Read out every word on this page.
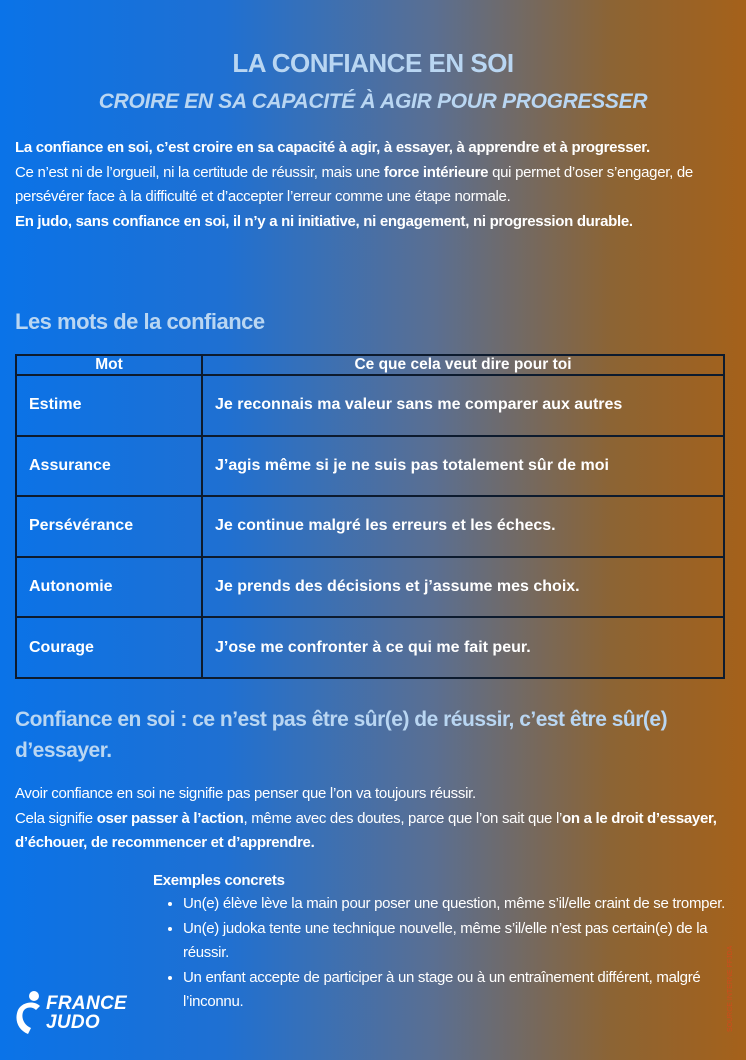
LA CONFIANCE EN SOI
CROIRE EN SA CAPACITÉ À AGIR POUR PROGRESSER

La confiance en soi, c’est croire en sa capacité à agir, à essayer, à apprendre et à progresser.

Ce n’est ni de l’orgueil, ni la certitude de réussir, mais une force intérieure qui permet d’oser s’engager, de persévérer face à la difficulté et d’accepter l’erreur comme une étape normale.

En judo, sans confiance en soi, il n’y a ni initiative, ni engagement, ni progression durable.

Les mots de la confiance
Mot	Ce que cela veut dire pour toi
Estime	Je reconnais ma valeur sans me comparer aux autres
Assurance	J’agis même si je ne suis pas totalement sûr de moi
Persévérance	Je continue malgré les erreurs et les échecs.
Autonomie	Je prends des décisions et j’assume mes choix.
Courage	J’ose me confronter à ce qui me fait peur.
Confiance en soi : ce n’est pas être sûr(e) de réussir, c’est être sûr(e) d’essayer.

Avoir confiance en soi ne signifie pas penser que l’on va toujours réussir.

Cela signifie oser passer à l’action, même avec des doutes, parce que l’on sait que l’on a le droit d’essayer, d’échouer, de recommencer et d’apprendre.

Exemples concrets
• Un(e) élève lève la main pour poser une question, même s’il/elle craint de se tromper.
• Un(e) judoka tente une technique nouvelle, même s’il/elle n’est pas certain(e) de la réussir.
• Un enfant accepte de participer à un stage ou à un entraînement différent, malgré l’inconnu.
FRANCE
JUDO	SOURCE INTERNE FFJDA
